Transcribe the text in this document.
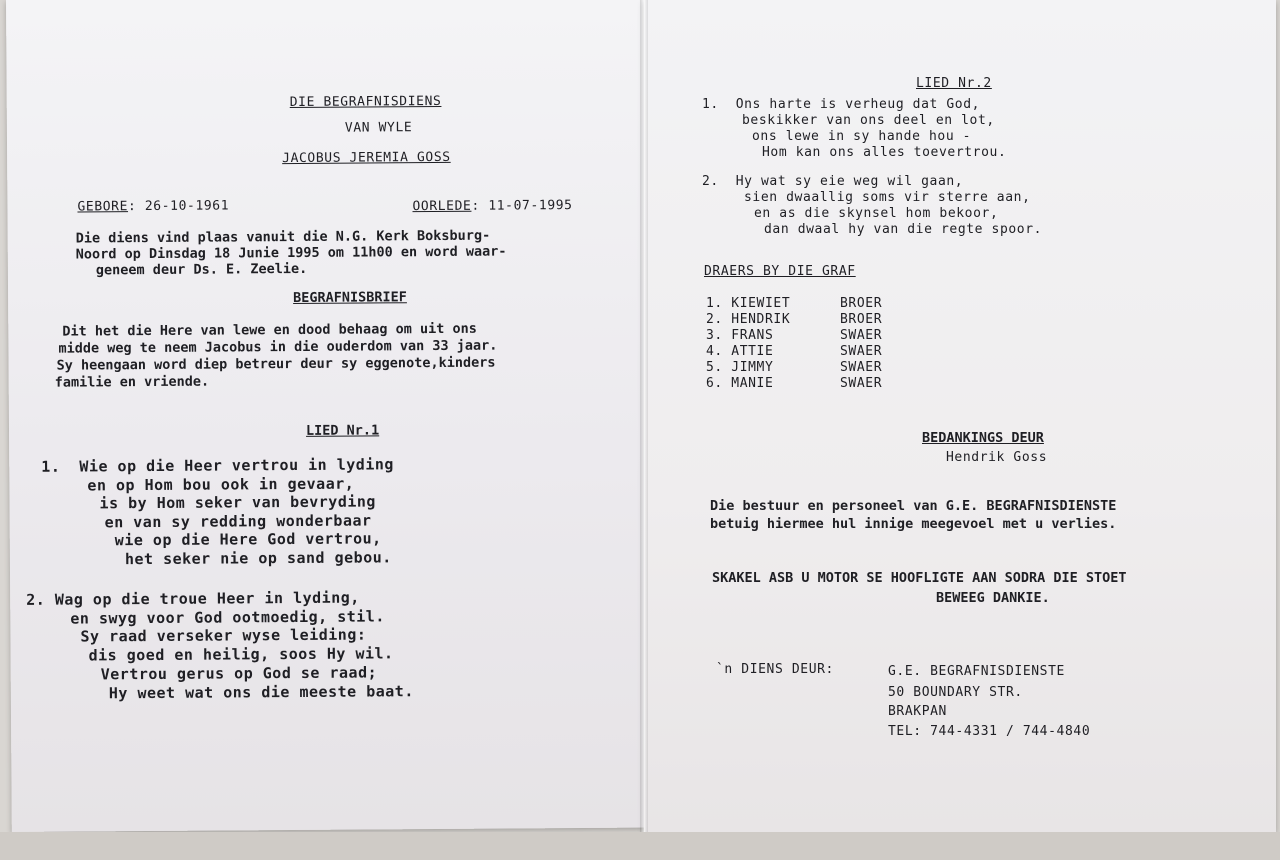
DIE BEGRAFNISDIENS
VAN WYLE
JACOBUS JEREMIA GOSS
GEBORE: 26-10-1961	OORLEDE: 11-07-1995
Die diens vind plaas vanuit die N.G. Kerk Boksburg-
Noord op Dinsdag 18 Junie 1995 om 11h00 en word waar-
geneem deur Ds. E. Zeelie.
BEGRAFNISBRIEF
Dit het die Here van lewe en dood behaag om uit ons
midde weg te neem Jacobus in die ouderdom van 33 jaar.
Sy heengaan word diep betreur deur sy eggenote,kinders
familie en vriende.
LIED Nr.1
1.  Wie op die Heer vertrou in lyding
en op Hom bou ook in gevaar,
is by Hom seker van bevryding
en van sy redding wonderbaar
wie op die Here God vertrou,
het seker nie op sand gebou.
2. Wag op die troue Heer in lyding,
en swyg voor God ootmoedig, stil.
Sy raad verseker wyse leiding:
dis goed en heilig, soos Hy wil.
Vertrou gerus op God se raad;
Hy weet wat ons die meeste baat.
LIED Nr.2
1.  Ons harte is verheug dat God,
beskikker van ons deel en lot,
ons lewe in sy hande hou -
Hom kan ons alles toevertrou.
2.  Hy wat sy eie weg wil gaan,
sien dwaallig soms vir sterre aan,
en as die skynsel hom bekoor,
dan dwaal hy van die regte spoor.
DRAERS BY DIE GRAF
1. KIEWIET	BROER
2. HENDRIK	BROER
3. FRANS	SWAER
4. ATTIE	SWAER
5. JIMMY	SWAER
6. MANIE	SWAER
BEDANKINGS DEUR
Hendrik Goss
Die bestuur en personeel van G.E. BEGRAFNISDIENSTE
betuig hiermee hul innige meegevoel met u verlies.
SKAKEL ASB U MOTOR SE HOOFLIGTE AAN SODRA DIE STOET
BEWEEG DANKIE.
`n DIENS DEUR:	G.E. BEGRAFNISDIENSTE
50 BOUNDARY STR.
BRAKPAN
TEL: 744-4331 / 744-4840
